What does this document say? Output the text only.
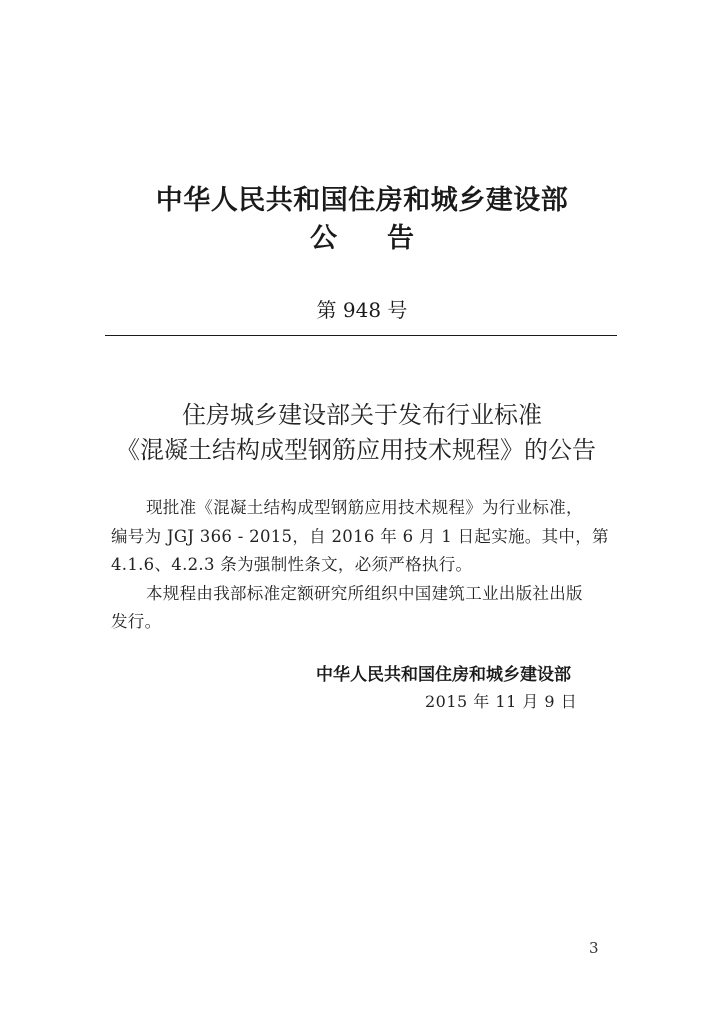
中华人民共和国住房和城乡建设部
公告
第 948 号
住房城乡建设部关于发布行业标准
《混凝土结构成型钢筋应用技术规程》的公告
现批准《混凝土结构成型钢筋应用技术规程》为行业标准，
编号为 JGJ 366 - 2015，自 2016 年 6 月 1 日起实施。其中，第
4.1.6、4.2.3 条为强制性条文，必须严格执行。
本规程由我部标准定额研究所组织中国建筑工业出版社出版
发行。
中华人民共和国住房和城乡建设部
2015 年 11 月 9 日
3
